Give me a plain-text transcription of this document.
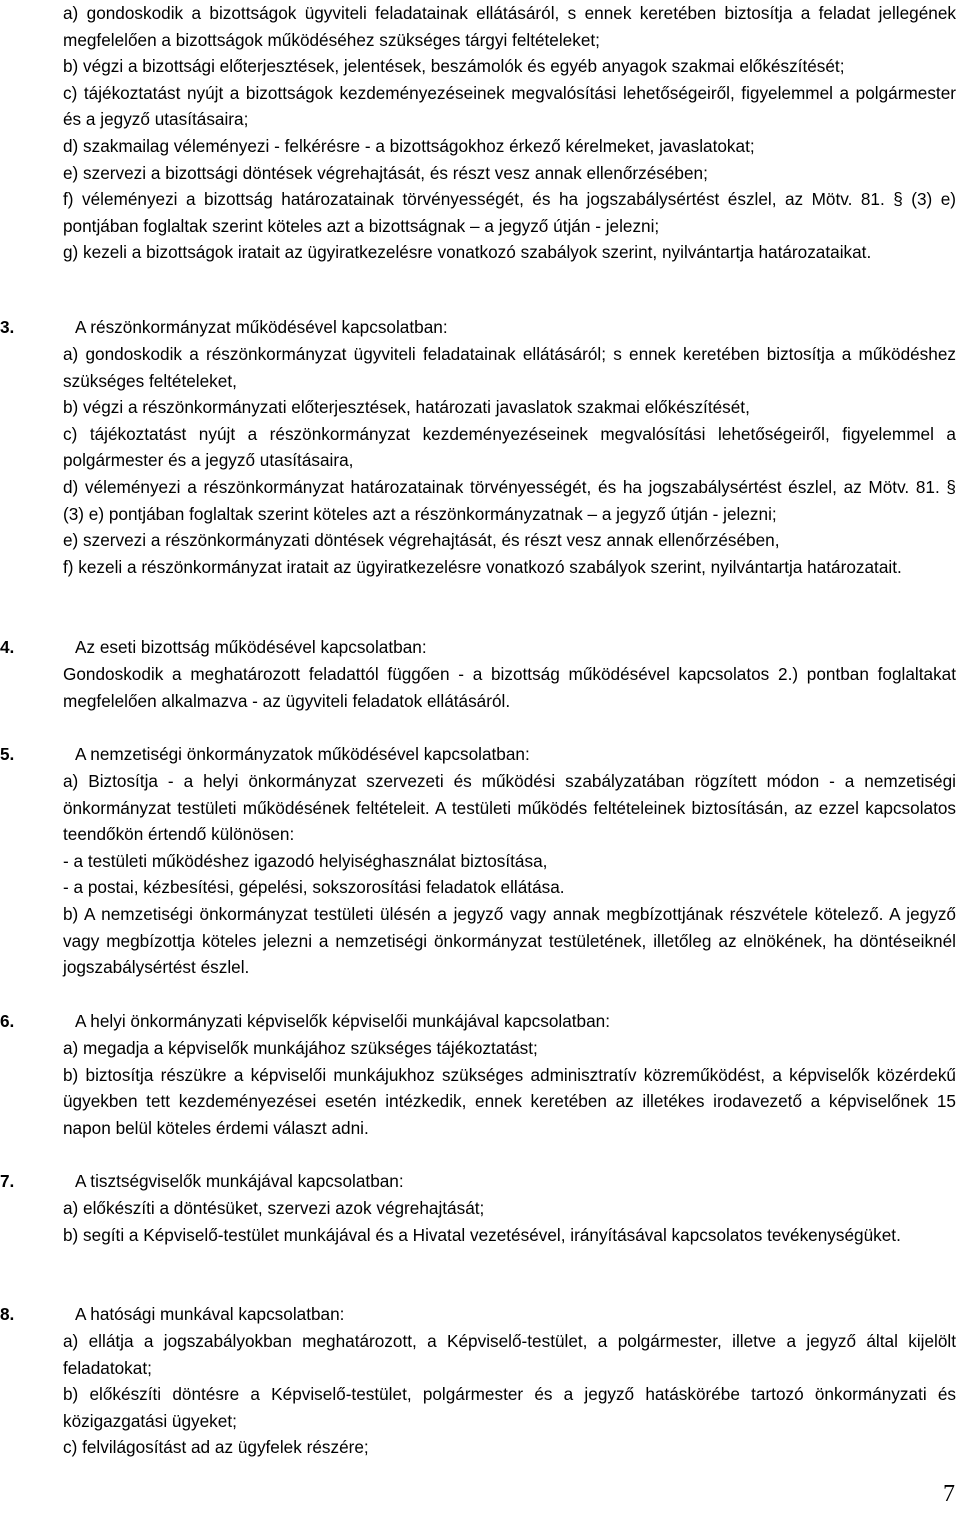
a) gondoskodik a bizottságok ügyviteli feladatainak ellátásáról, s ennek keretében biztosítja a feladat jellegének megfelelően a bizottságok működéséhez szükséges tárgyi feltételeket;

b) végzi a bizottsági előterjesztések, jelentések, beszámolók és egyéb anyagok szakmai előkészítését;

c) tájékoztatást nyújt a bizottságok kezdeményezéseinek megvalósítási lehetőségeiről, figyelemmel a polgármester és a jegyző utasításaira;

d) szakmailag véleményezi - felkérésre - a bizottságokhoz érkező kérelmeket, javaslatokat;

e) szervezi a bizottsági döntések végrehajtását, és részt vesz annak ellenőrzésében;

f) véleményezi a bizottság határozatainak törvényességét, és ha jogszabálysértést észlel, az Mötv. 81. § (3) e) pontjában foglaltak szerint köteles azt a bizottságnak – a jegyző útján - jelezni;

g) kezeli a bizottságok iratait az ügyiratkezelésre vonatkozó szabályok szerint, nyilvántartja határozataikat.

3.	A részönkormányzat működésével kapcsolatban:

a) gondoskodik a részönkormányzat ügyviteli feladatainak ellátásáról; s ennek keretében biztosítja a működéshez szükséges feltételeket,

b) végzi a részönkormányzati előterjesztések, határozati javaslatok szakmai előkészítését,

c) tájékoztatást nyújt a részönkormányzat kezdeményezéseinek megvalósítási lehetőségeiről, figyelemmel a polgármester és a jegyző utasításaira,

d) véleményezi a részönkormányzat határozatainak törvényességét, és ha jogszabálysértést észlel, az Mötv. 81. § (3) e) pontjában foglaltak szerint köteles azt a részönkormányzatnak – a jegyző útján - jelezni;

e) szervezi a részönkormányzati döntések végrehajtását, és részt vesz annak ellenőrzésében,

f) kezeli a részönkormányzat iratait az ügyiratkezelésre vonatkozó szabályok szerint, nyilvántartja határozatait.

4.	Az eseti bizottság működésével kapcsolatban:

Gondoskodik a meghatározott feladattól függően - a bizottság működésével kapcsolatos 2.) pontban foglaltakat megfelelően alkalmazva - az ügyviteli feladatok ellátásáról.

5.	A nemzetiségi önkormányzatok működésével kapcsolatban:

a) Biztosítja - a helyi önkormányzat szervezeti és működési szabályzatában rögzített módon - a nemzetiségi önkormányzat testületi működésének feltételeit. A testületi működés feltételeinek biztosításán, az ezzel kapcsolatos teendőkön értendő különösen:

- a testületi működéshez igazodó helyiséghasználat biztosítása,

- a postai, kézbesítési, gépelési, sokszorosítási feladatok ellátása.

b) A nemzetiségi önkormányzat testületi ülésén a jegyző vagy annak megbízottjának részvétele kötelező. A jegyző vagy megbízottja köteles jelezni a nemzetiségi önkormányzat testületének, illetőleg az elnökének, ha döntéseiknél jogszabálysértést észlel.

6.	A helyi önkormányzati képviselők képviselői munkájával kapcsolatban:

a) megadja a képviselők munkájához szükséges tájékoztatást;

b) biztosítja részükre a képviselői munkájukhoz szükséges adminisztratív közreműködést, a képviselők közérdekű ügyekben tett kezdeményezései esetén intézkedik, ennek keretében az illetékes irodavezető a képviselőnek 15 napon belül köteles érdemi választ adni.

7.	A tisztségviselők munkájával kapcsolatban:

a) előkészíti a döntésüket, szervezi azok végrehajtását;

b) segíti a Képviselő-testület munkájával és a Hivatal vezetésével, irányításával kapcsolatos tevékenységüket.

8.	A hatósági munkával kapcsolatban:

a) ellátja a jogszabályokban meghatározott, a Képviselő-testület, a polgármester, illetve a jegyző által kijelölt feladatokat;

b) előkészíti döntésre a Képviselő-testület, polgármester és a jegyző hatáskörébe tartozó önkormányzati és közigazgatási ügyeket;

c) felvilágosítást ad az ügyfelek részére;

7
